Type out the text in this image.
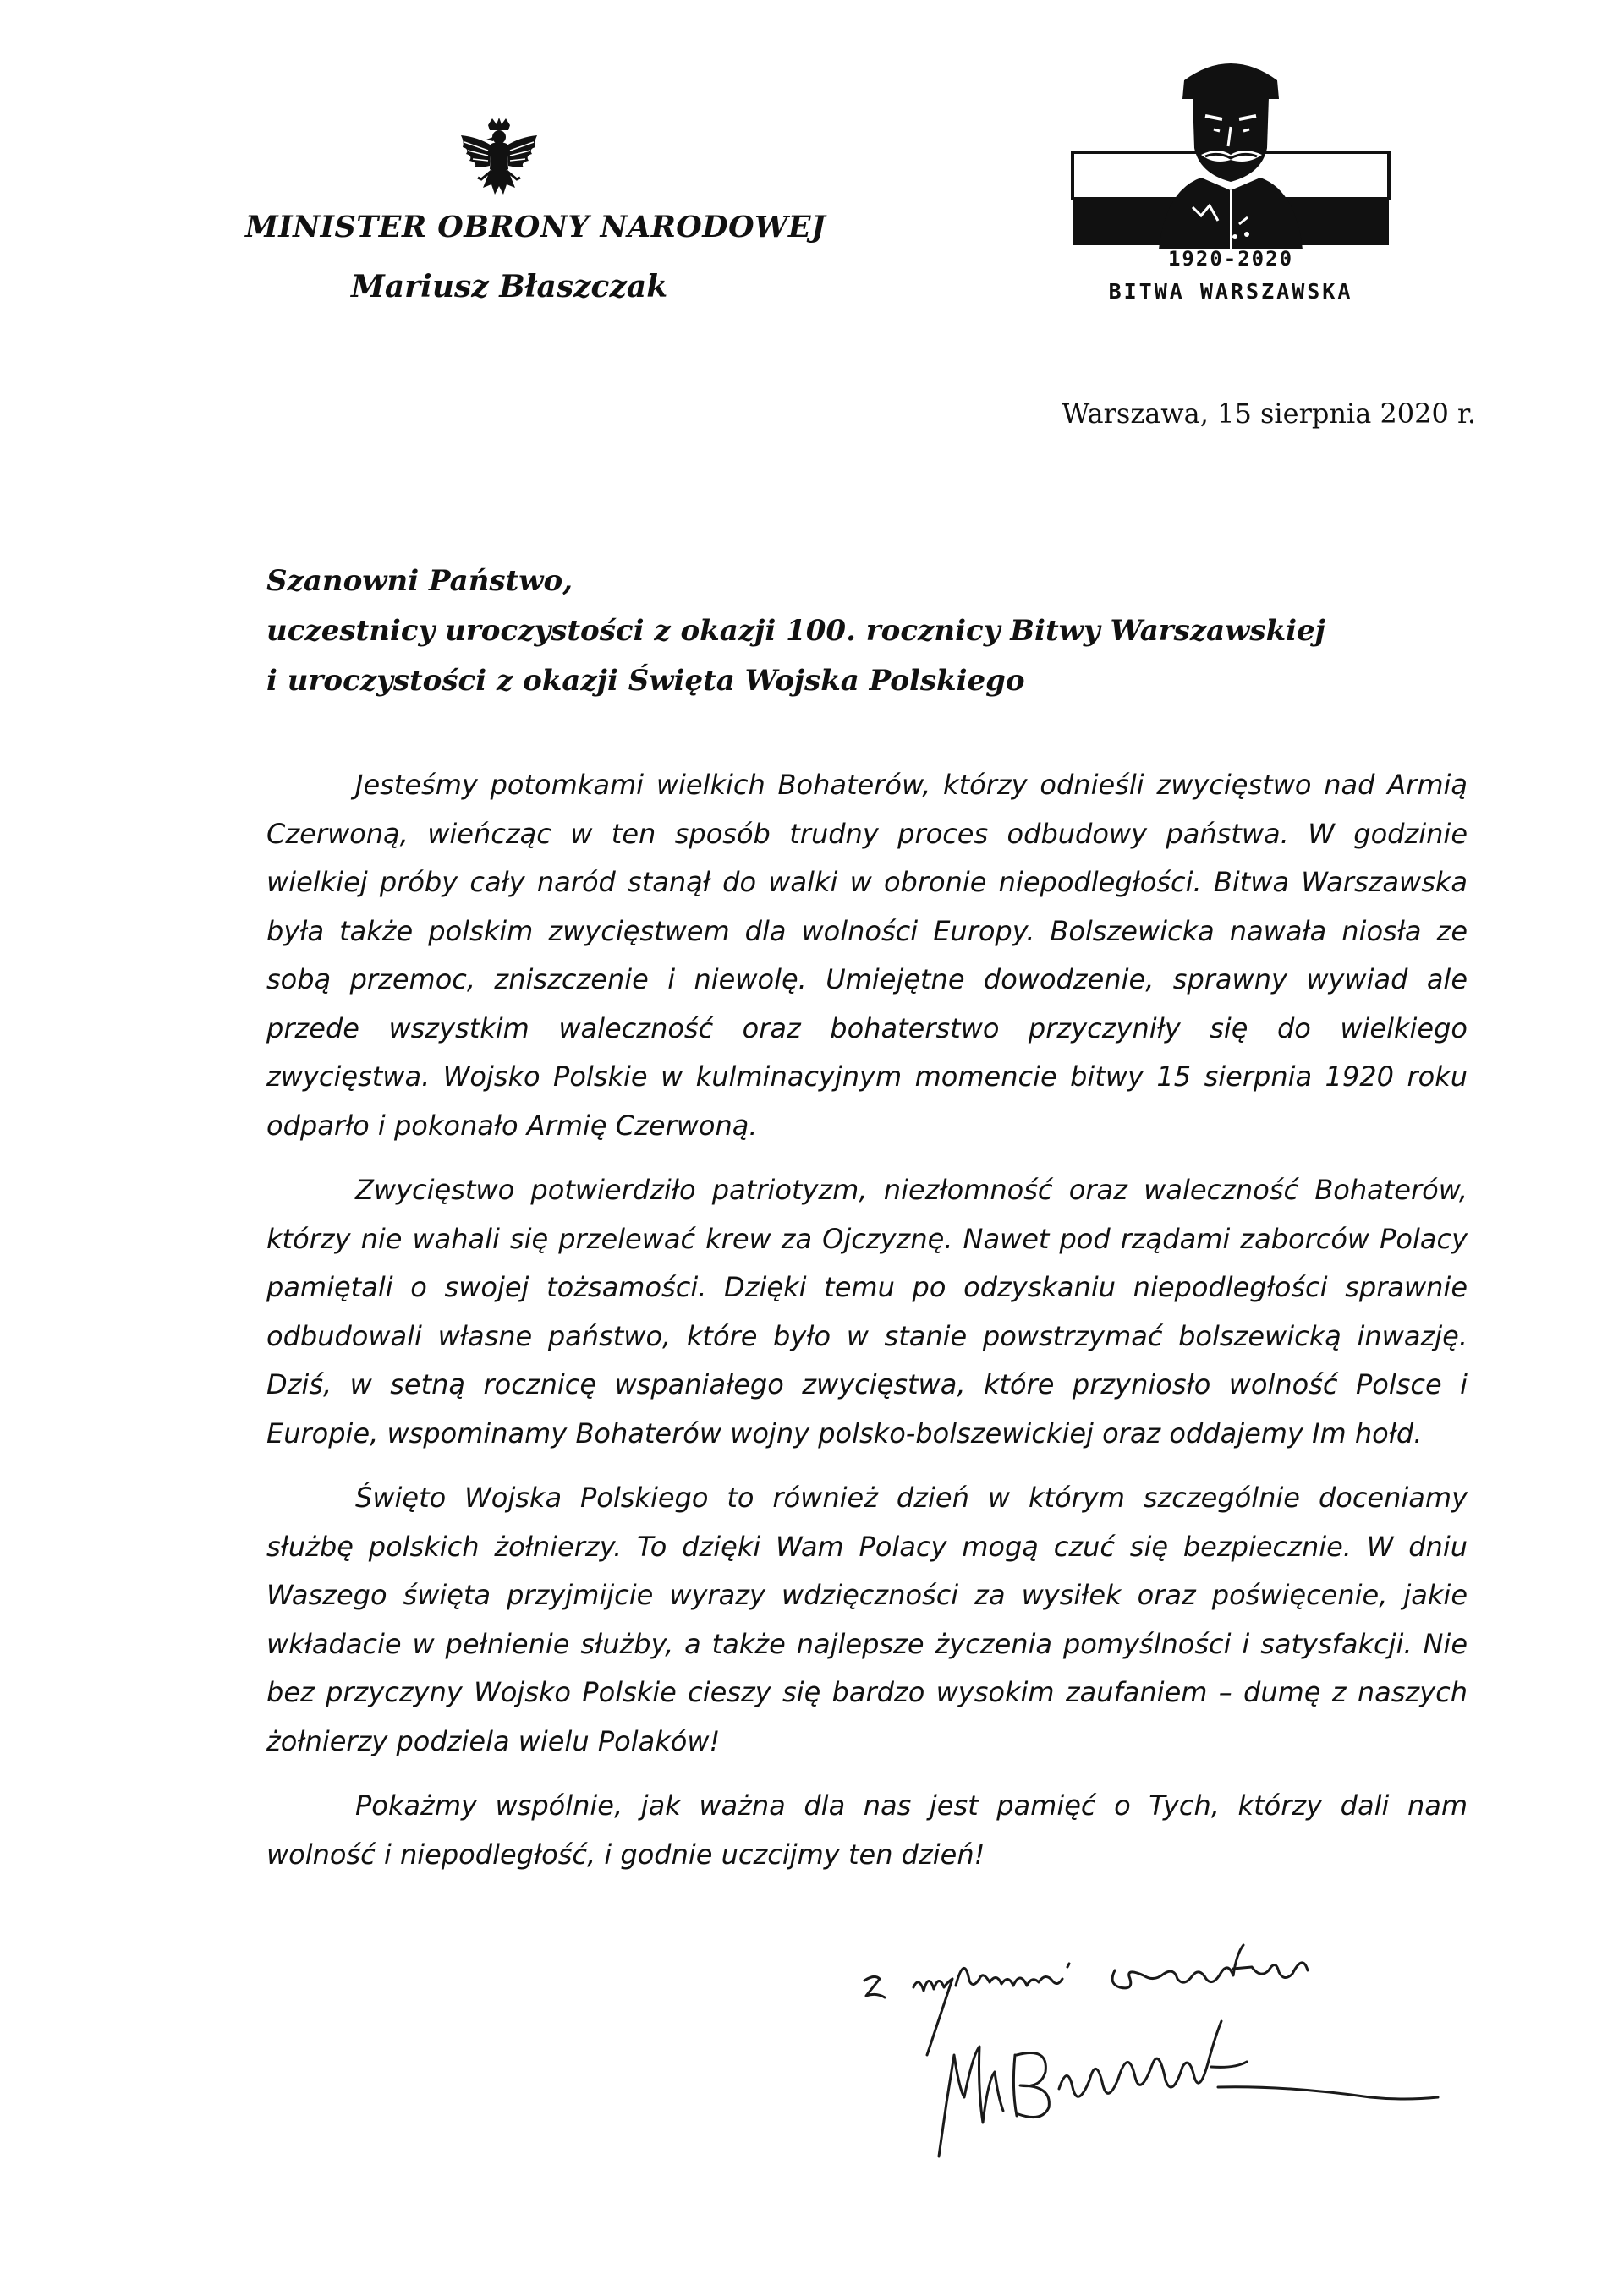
MINISTER OBRONY NARODOWEJ
Mariusz Błaszczak
1920-2020
BITWA WARSZAWSKA
Warszawa, 15 sierpnia 2020 r.
Szanowni Państwo,
uczestnicy uroczystości z okazji 100. rocznicy Bitwy Warszawskiej
i uroczystości z okazji Święta Wojska Polskiego

Jesteśmy potomkami wielkich Bohaterów, którzy odnieśli zwycięstwo nad Armią Czerwoną, wieńcząc w ten sposób trudny proces odbudowy państwa. W godzinie wielkiej próby cały naród stanął do walki w obronie niepodległości. Bitwa Warszawska była także polskim zwycięstwem dla wolności Europy. Bolszewicka nawała niosła ze sobą przemoc, zniszczenie i niewolę. Umiejętne dowodzenie, sprawny wywiad ale przede wszystkim waleczność oraz bohaterstwo przyczyniły się do wielkiego zwycięstwa. Wojsko Polskie w kulminacyjnym momencie bitwy 15 sierpnia 1920 roku odparło i pokonało Armię Czerwoną.

Zwycięstwo potwierdziło patriotyzm, niezłomność oraz waleczność Bohaterów, którzy nie wahali się przelewać krew za Ojczyznę. Nawet pod rządami zaborców Polacy pamiętali o swojej tożsamości. Dzięki temu po odzyskaniu niepodległości sprawnie odbudowali własne państwo, które było w stanie powstrzymać bolszewicką inwazję. Dziś, w setną rocznicę wspaniałego zwycięstwa, które przyniosło wolność Polsce i Europie, wspominamy Bohaterów wojny polsko-bolszewickiej oraz oddajemy Im hołd.

Święto Wojska Polskiego to również dzień w którym szczególnie doceniamy służbę polskich żołnierzy. To dzięki Wam Polacy mogą czuć się bezpiecznie. W dniu Waszego święta przyjmijcie wyrazy wdzięczności za wysiłek oraz poświęcenie, jakie wkładacie w pełnienie służby, a także najlepsze życzenia pomyślności i satysfakcji. Nie bez przyczyny Wojsko Polskie cieszy się bardzo wysokim zaufaniem – dumę z naszych żołnierzy podziela wielu Polaków!

Pokażmy wspólnie, jak ważna dla nas jest pamięć o Tych, którzy dali nam wolność i niepodległość, i godnie uczcijmy ten dzień!
